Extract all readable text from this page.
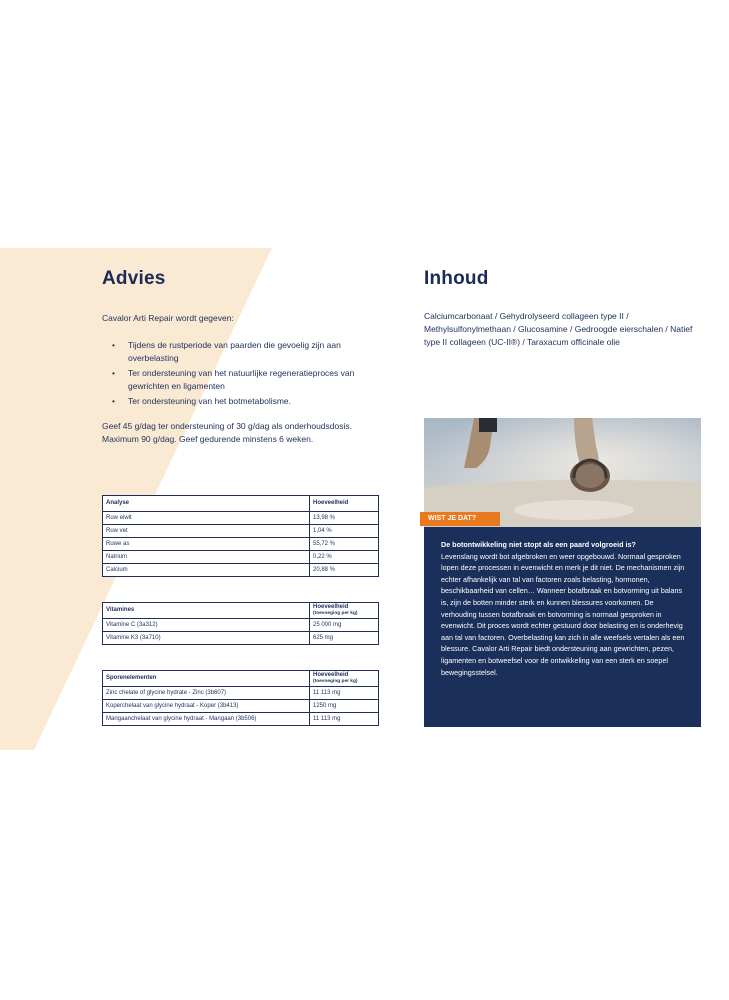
Advies
Cavalor Arti Repair wordt gegeven:
• Tijdens de rustperiode van paarden die gevoelig zijn aan overbelasting
• Ter ondersteuning van het natuurlijke regeneratieproces van gewrichten en ligamenten
• Ter ondersteuning van het botmetabolisme.
Geef 45 g/dag ter ondersteuning of 30 g/dag als onderhoudsdosis. Maximum 90 g/dag. Geef gedurende minstens 6 weken.
Analyse	Hoeveelheid
Ruw eiwit	13,98 %
Ruw vet	1,04 %
Ruwe as	55,72 %
Natrium	0,22 %
Calcium	20,88 %
Vitamines	Hoeveelheid
(toevoeging per kg)

Vitamine C (3a312)	25 000 mg
Vitamine K3 (3a710)	625 mg
Sporenelementen	Hoeveelheid
(toevoeging per kg)

Zinc chelate of glycine hydrate - Zinc (3b607)	11 113 mg
Koperchelaat van glycine hydraat - Koper (3b413)	1250 mg
Mangaanchelaat van glycine hydraat - Mangaan (3b506)	11 113 mg
Inhoud
Calciumcarbonaat / Gehydrolyseerd collageen type II / Methylsulfonylmethaan / Glucosamine / Gedroogde eierschalen / Natief type II collageen (UC-II®) / Taraxacum officinale olie
WIST JE DAT?
De botontwikkeling niet stopt als een paard volgroeid is?
Levenslang wordt bot afgebroken en weer opgebouwd. Normaal gesproken lopen deze processen in evenwicht en merk je dit niet. De mechanismen zijn echter afhankelijk van tal van factoren zoals belasting, hormonen, beschikbaarheid van cellen… Wanneer botafbraak en botvorming uit balans is, zijn de botten minder sterk en kunnen blessures voorkomen. De verhouding tussen botafbraak en botvorming is normaal gesproken in evenwicht. Dit proces wordt echter gestuurd door belasting en is onderhevig aan tal van factoren. Overbelasting kan zich in alle weefsels vertalen als een blessure. Cavalor Arti Repair biedt ondersteuning aan gewrichten, pezen, ligamenten en botweefsel voor de ontwikkeling van een sterk en soepel bewegingsstelsel.
